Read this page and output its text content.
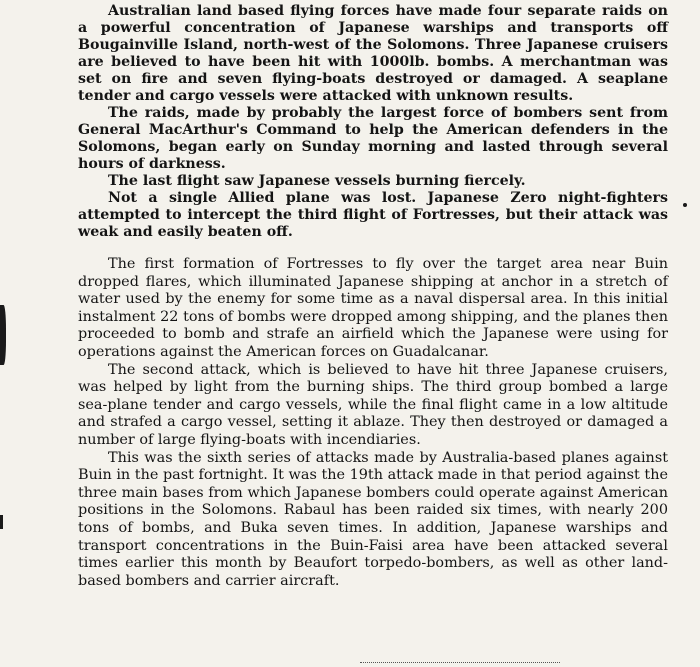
Australian land based flying forces have made four separate raids on a powerful concentration of Japanese warships and transports off Bougainville Island, north-west of the Solomons. Three Japanese cruisers are believed to have been hit with 1000lb. bombs. A merchantman was set on fire and seven flying-boats destroyed or damaged. A seaplane tender and cargo vessels were attacked with unknown results.

The raids, made by probably the largest force of bombers sent from General MacArthur's Command to help the American defenders in the Solomons, began early on Sunday morning and lasted through several hours of darkness.

The last flight saw Japanese vessels burning fiercely.

Not a single Allied plane was lost. Japanese Zero night-fighters attempted to intercept the third flight of Fortresses, but their attack was weak and easily beaten off.

The first formation of Fortresses to fly over the target area near Buin dropped flares, which illuminated Japanese shipping at anchor in a stretch of water used by the enemy for some time as a naval dispersal area. In this initial instalment 22 tons of bombs were dropped among shipping, and the planes then proceeded to bomb and strafe an airfield which the Japanese were using for operations against the American forces on Guadalcanar.

The second attack, which is believed to have hit three Japanese cruisers, was helped by light from the burning ships. The third group bombed a large sea-plane tender and cargo vessels, while the final flight came in a low altitude and strafed a cargo vessel, setting it ablaze. They then destroyed or damaged a number of large flying-boats with incendiaries.

This was the sixth series of attacks made by Australia-based planes against Buin in the past fortnight. It was the 19th attack made in that period against the three main bases from which Japanese bombers could operate against American positions in the Solomons. Rabaul has been raided six times, with nearly 200 tons of bombs, and Buka seven times. In addition, Japanese warships and transport concentrations in the Buin-Faisi area have been attacked several times earlier this month by Beaufort torpedo-bombers, as well as other land-based bombers and carrier aircraft.
